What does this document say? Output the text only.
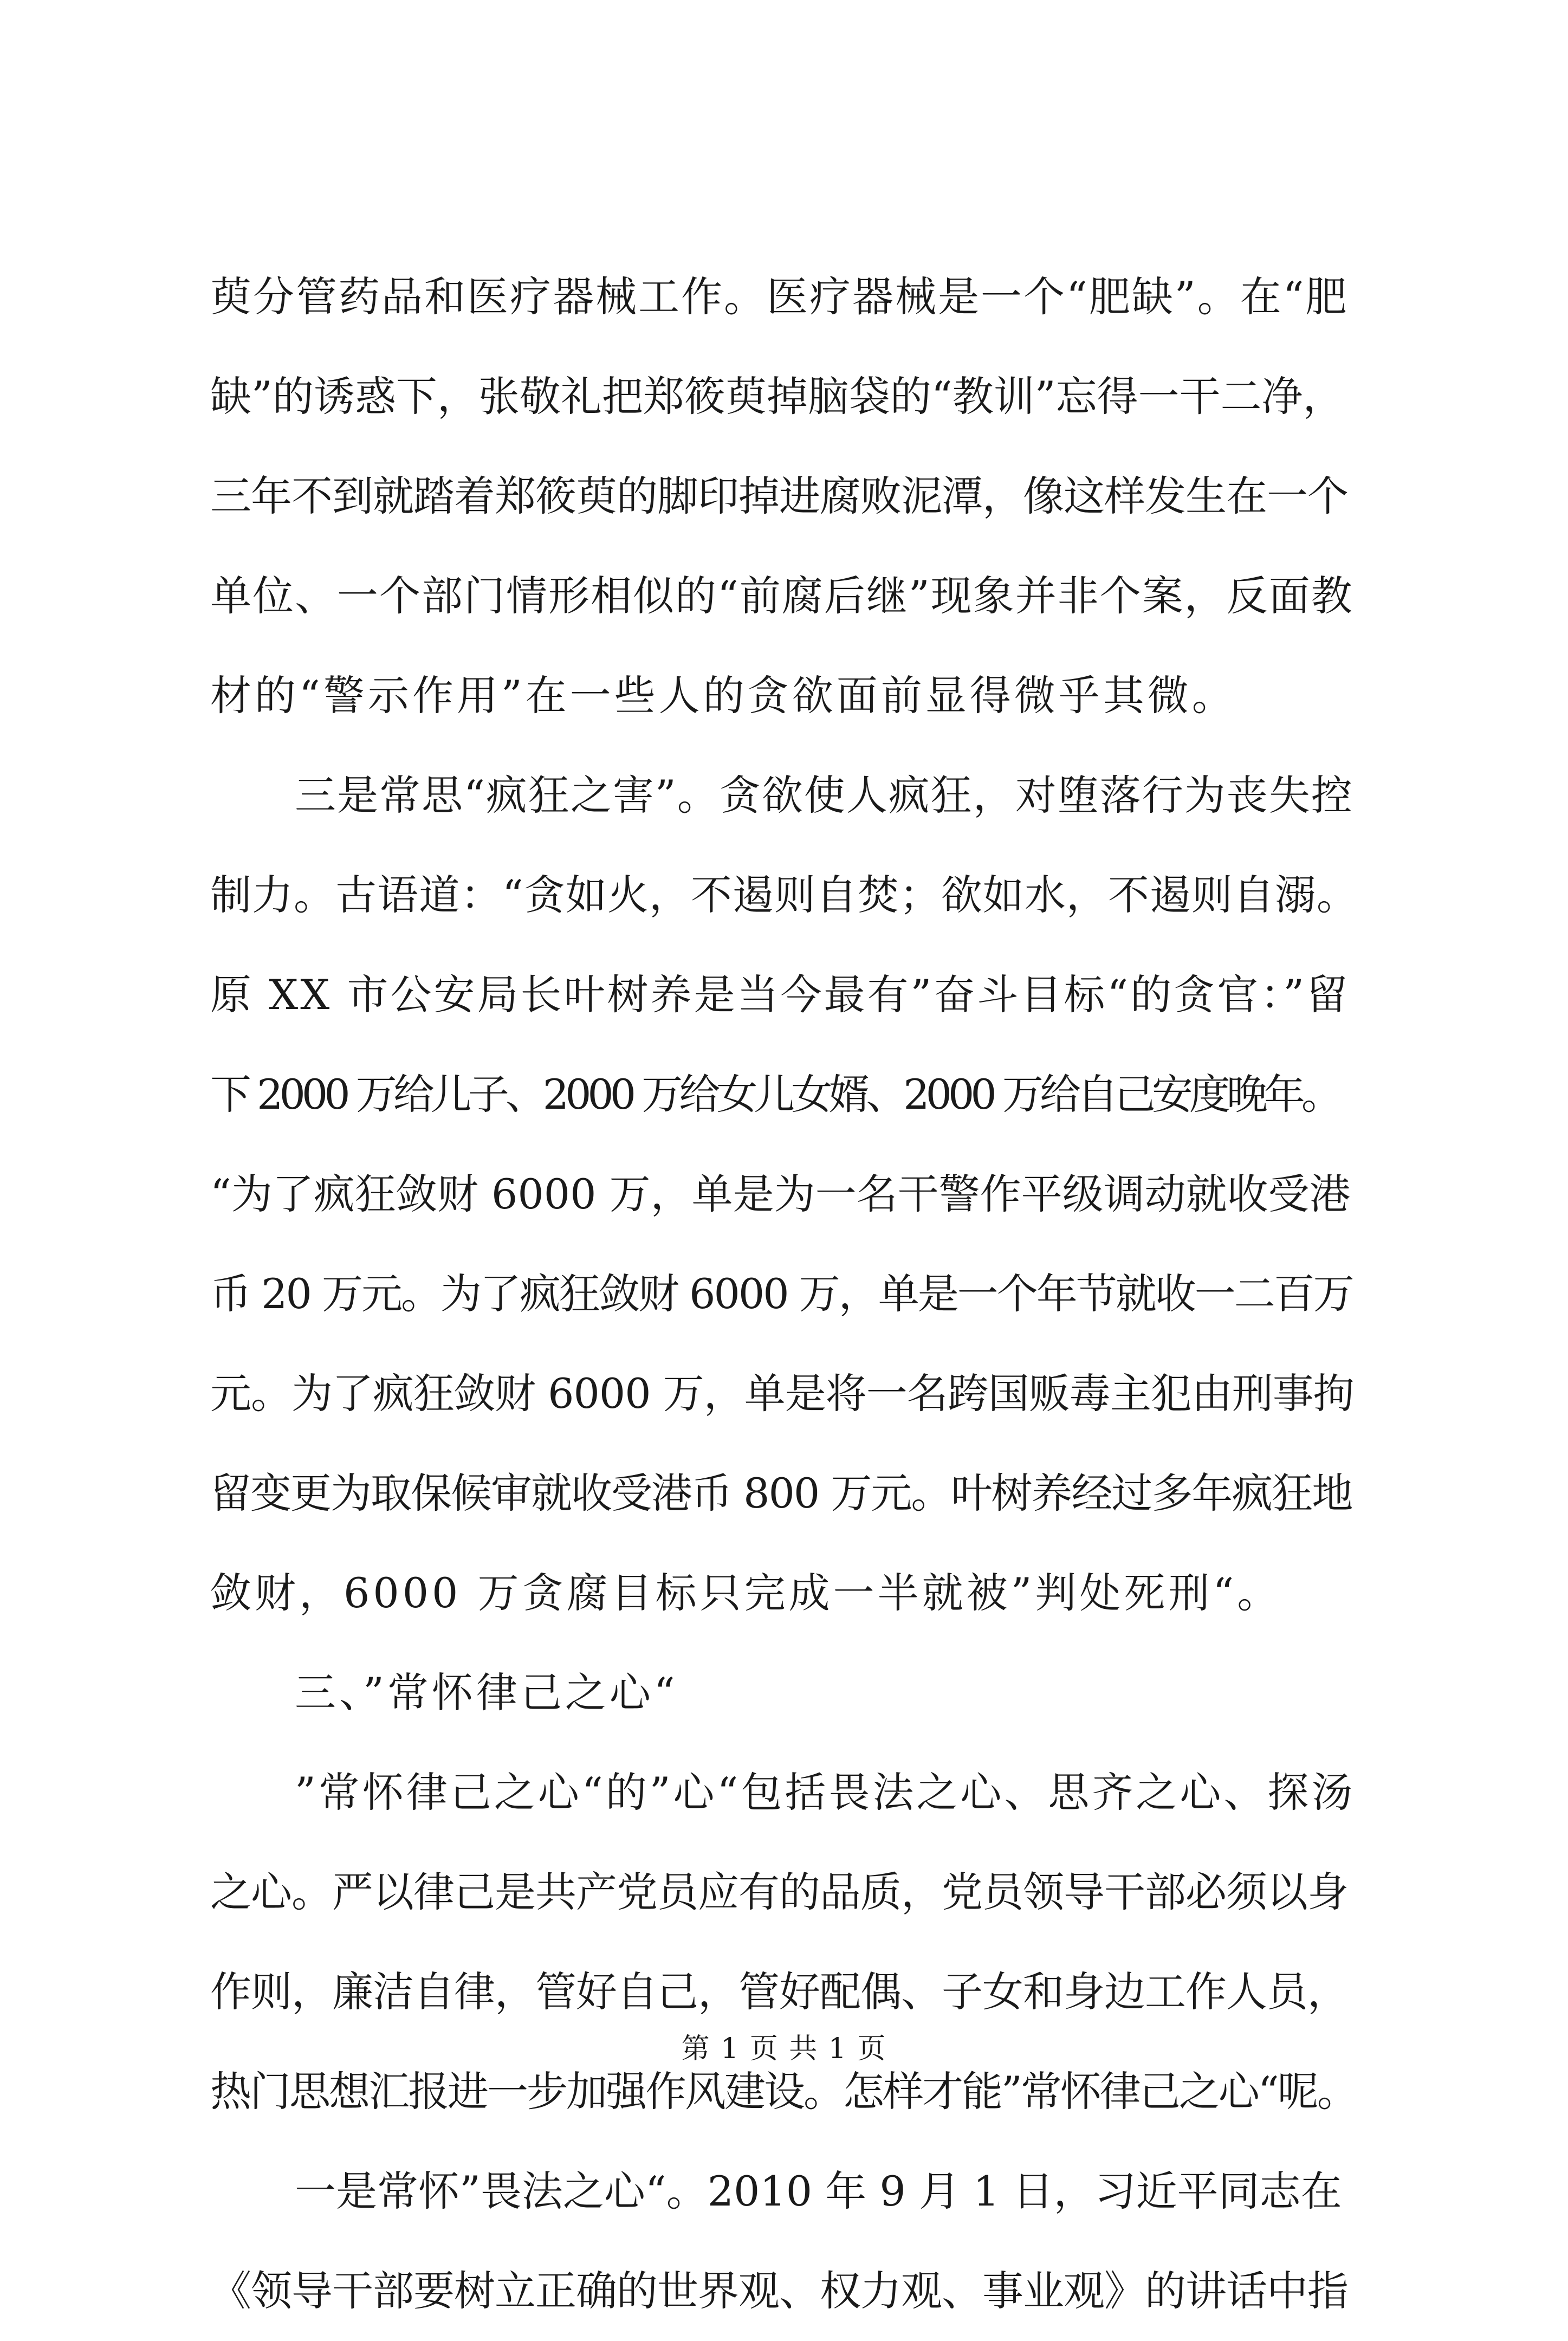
萸分管药品和医疗器械工作。医疗器械是一个“肥缺”。在“肥
缺”的诱惑下，张敬礼把郑筱萸掉脑袋的“教训”忘得一干二净，
三年不到就踏着郑筱萸的脚印掉进腐败泥潭，像这样发生在一个
单位、一个部门情形相似的“前腐后继”现象并非个案，反面教
材的“警示作用”在一些人的贪欲面前显得微乎其微。
三是常思“疯狂之害”。贪欲使人疯狂，对堕落行为丧失控
制力。古语道：“贪如火，不遏则自焚；欲如水，不遏则自溺。
原 XX 市公安局长叶树养是当今最有”奋斗目标“的贪官：”留
下 2000 万给儿子、2000 万给女儿女婿、2000 万给自己安度晚年。
“为了疯狂敛财 6000 万，单是为一名干警作平级调动就收受港
币 20 万元。为了疯狂敛财 6000 万，单是一个年节就收一二百万
元。为了疯狂敛财 6000 万，单是将一名跨国贩毒主犯由刑事拘
留变更为取保候审就收受港币 800 万元。叶树养经过多年疯狂地
敛财，6000 万贪腐目标只完成一半就被”判处死刑“。
三、”常怀律己之心“
”常怀律己之心“的”心“包括畏法之心、思齐之心、探汤
之心。严以律己是共产党员应有的品质，党员领导干部必须以身
作则，廉洁自律，管好自己，管好配偶、子女和身边工作人员，
热门思想汇报进一步加强作风建设。怎样才能”常怀律己之心“呢。
一是常怀”畏法之心“。2010 年 9 月 1 日，习近平同志在
《领导干部要树立正确的世界观、权力观、事业观》的讲话中指
第 1 页 共 1 页
